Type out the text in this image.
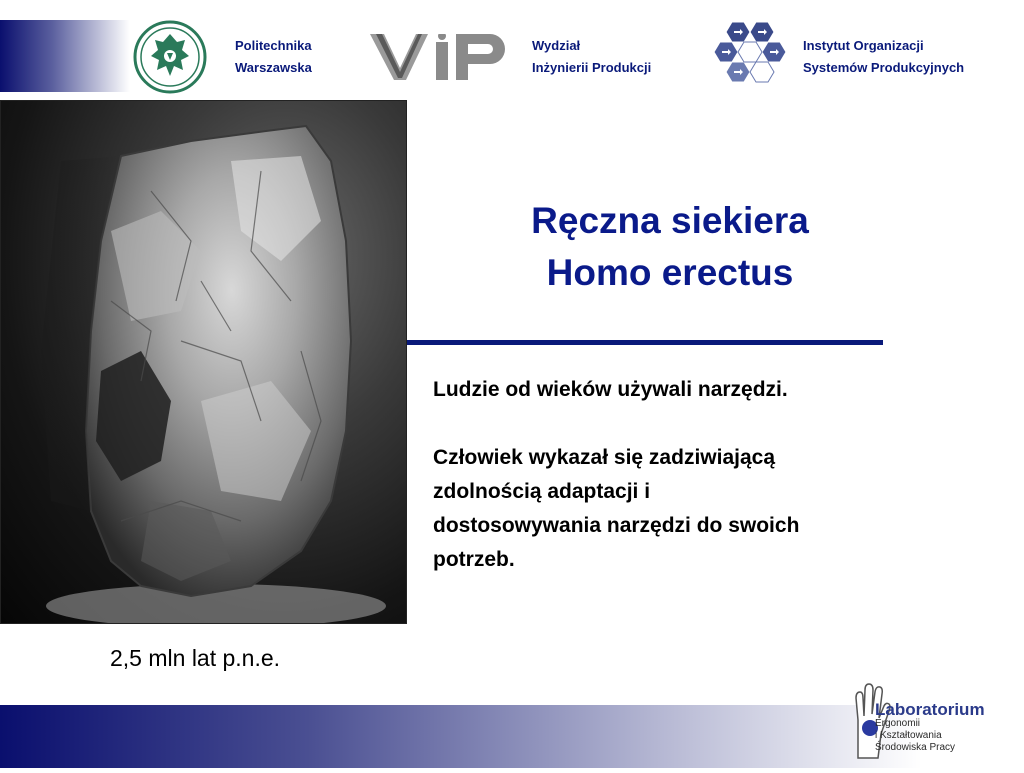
Politechnika
Warszawska
Wydział
Inżynierii Produkcji
Instytut Organizacji
Systemów Produkcyjnych
Ręczna siekiera
Homo erectus

Ludzie od wieków używali narzędzi.

Człowiek wykazał się zadziwiającą

zdolnością adaptacji i

dostosowywania narzędzi do swoich

potrzeb.

2,5 mln lat p.n.e.
Laboratorium
Ergonomii
i Kształtowania
Środowiska Pracy
